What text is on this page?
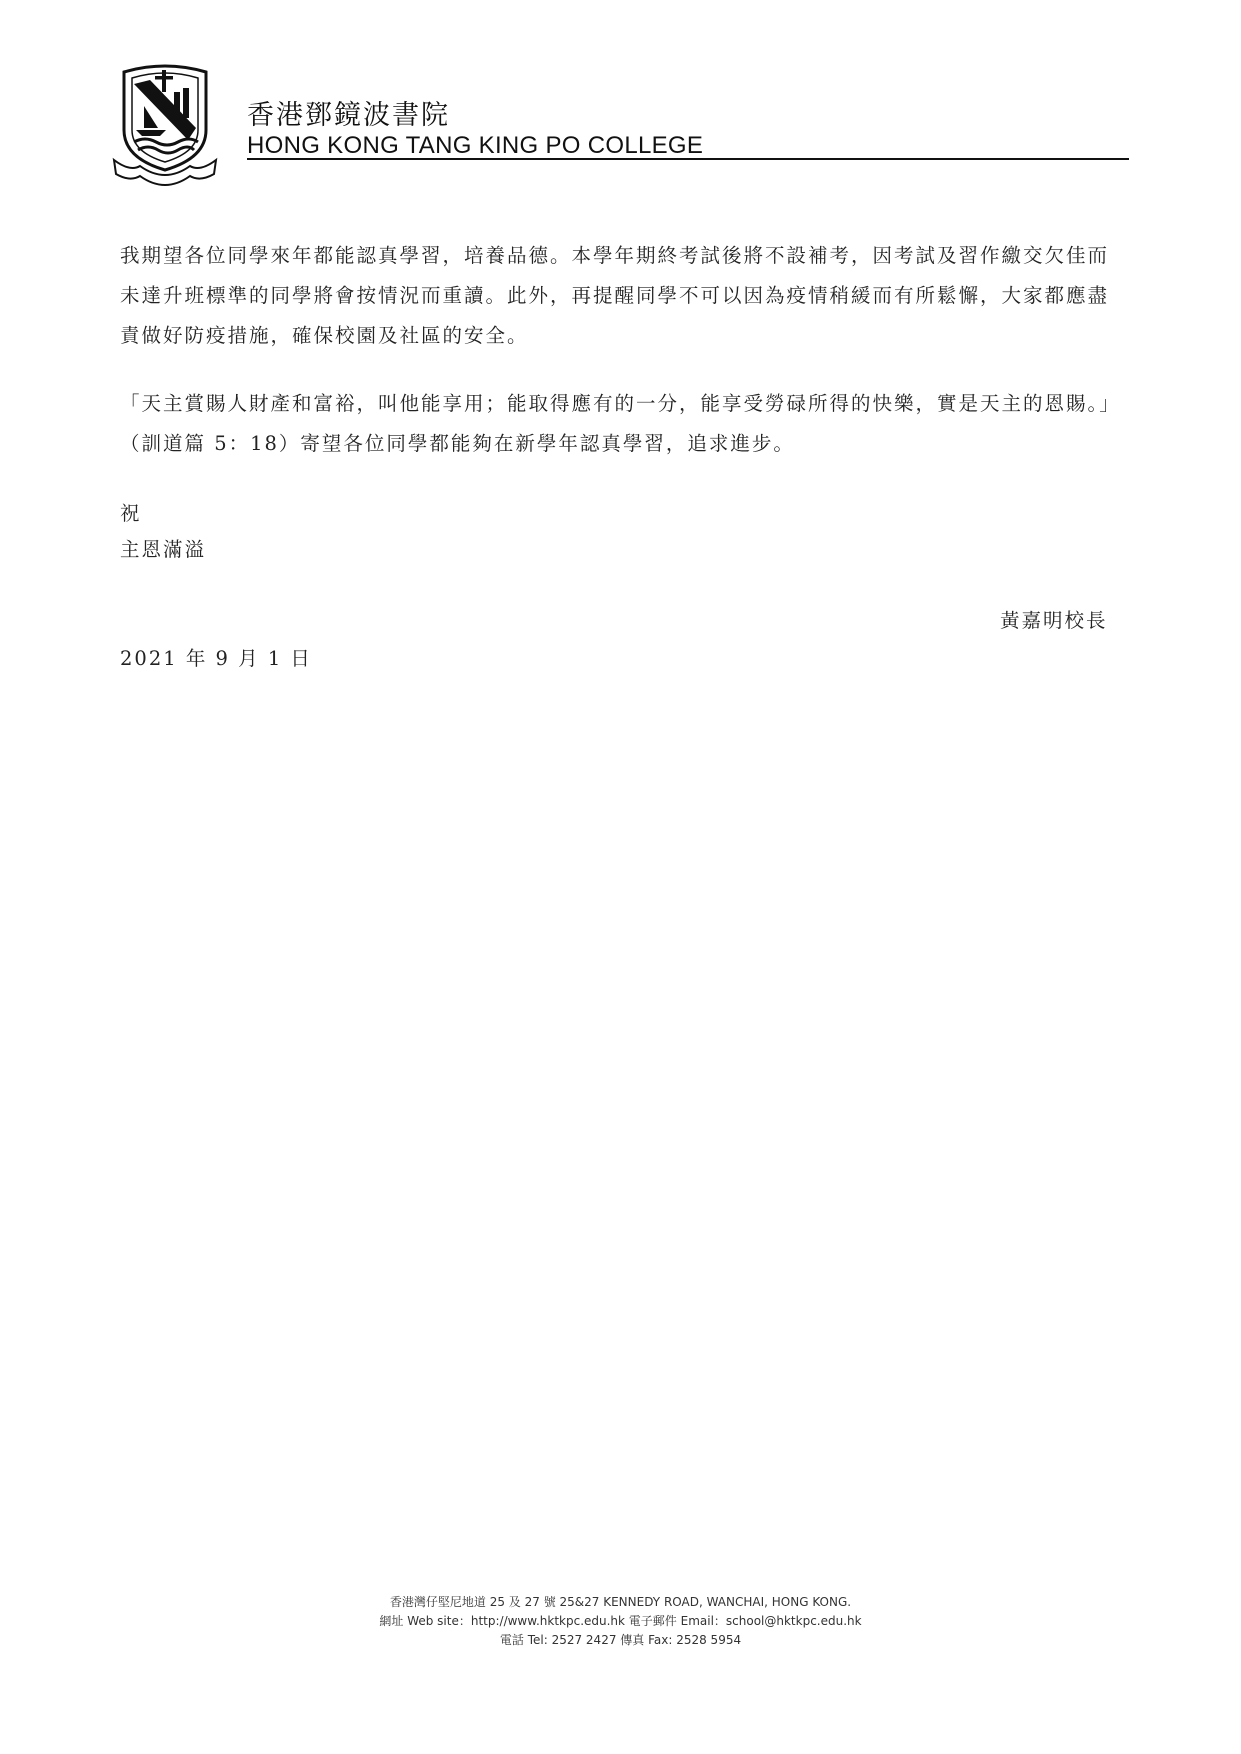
香港鄧鏡波書院
HONG KONG TANG KING PO COLLEGE

我期望各位同學來年都能認真學習，培養品德。本學年期終考試後將不設補考，因考試及習作繳交欠佳而未達升班標準的同學將會按情況而重讀。此外，再提醒同學不可以因為疫情稍緩而有所鬆懈，大家都應盡責做好防疫措施，確保校園及社區的安全。

「天主賞賜人財產和富裕，叫他能享用；能取得應有的一分，能享受勞碌所得的快樂，實是天主的恩賜。」（訓道篇 5：18）寄望各位同學都能夠在新學年認真學習，追求進步。

祝
主恩滿溢
黃嘉明校長
2021 年 9 月 1 日
香港灣仔堅尼地道 25 及 27 號 25&27 KENNEDY ROAD, WANCHAI, HONG KONG.
網址 Web site：http://www.hktkpc.edu.hk 電子郵件 Email：school@hktkpc.edu.hk
電話 Tel: 2527 2427 傳真 Fax: 2528 5954
